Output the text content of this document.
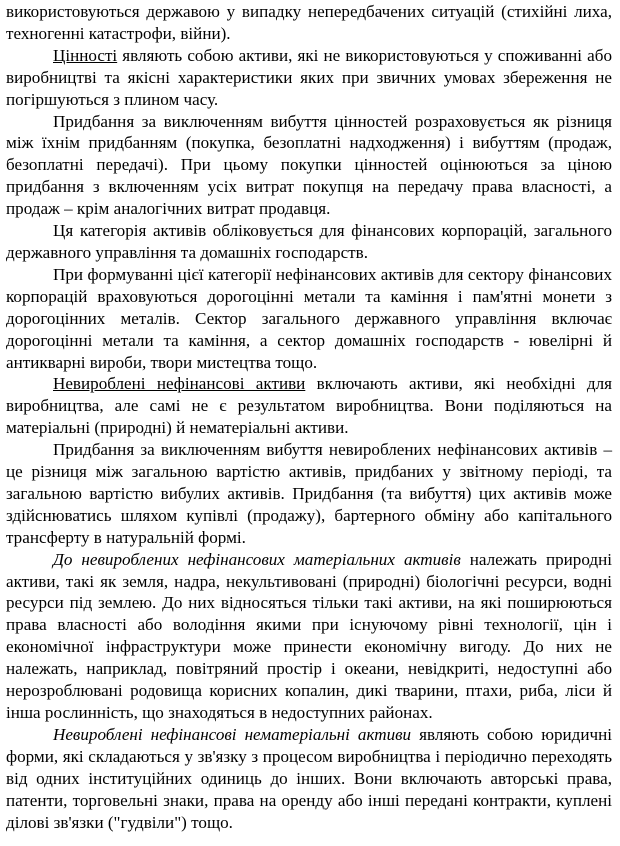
використовуються державою у випадку непередбачених ситуацій (стихійні лиха, техногенні катастрофи, війни).

Цінності являють собою активи, які не використовуються у споживанні або виробництві та якісні характеристики яких при звичних умовах збереження не погіршуються з плином часу.

Придбання за виключенням вибуття цінностей розраховується як різниця між їхнім придбанням (покупка, безоплатні надходження) і вибуттям (продаж, безоплатні передачі). При цьому покупки цінностей оцінюються за ціною придбання з включенням усіх витрат покупця на передачу права власності, а продаж – крім аналогічних витрат продавця.

Ця категорія активів обліковується для фінансових корпорацій, загального державного управління та домашніх господарств.

При формуванні цієї категорії нефінансових активів для сектору фінансових корпорацій враховуються дорогоцінні метали та каміння і пам'ятні монети з дорогоцінних металів. Сектор загального державного управління включає дорогоцінні метали та каміння, а сектор домашніх господарств - ювелірні й антикварні вироби, твори мистецтва тощо.

Невироблені нефінансові активи включають активи, які необхідні для виробництва, але самі не є результатом виробництва. Вони поділяються на матеріальні (природні) й нематеріальні активи.

Придбання за виключенням вибуття невироблених нефінансових активів – це різниця між загальною вартістю активів, придбаних у звітному періоді, та загальною вартістю вибулих активів. Придбання (та вибуття) цих активів може здійснюватись шляхом купівлі (продажу), бартерного обміну або капітального трансферту в натуральній формі.

До невироблених нефінансових матеріальних активів належать природні активи, такі як земля, надра, некультивовані (природні) біологічні ресурси, водні ресурси під землею. До них відносяться тільки такі активи, на які поширюються права власності або володіння якими при існуючому рівні технології, цін і економічної інфраструктури може принести економічну вигоду. До них не належать, наприклад, повітряний простір і океани, невідкриті, недоступні або нерозроблювані родовища корисних копалин, дикі тварини, птахи, риба, ліси й інша рослинність, що знаходяться в недоступних районах.

Невироблені нефінансові нематеріальні активи являють собою юридичні форми, які складаються у зв'язку з процесом виробництва і періодично переходять від одних інституційних одиниць до інших. Вони включають авторські права, патенти, торговельні знаки, права на оренду або інші передані контракти, куплені ділові зв'язки ("гудвіли") тощо.
